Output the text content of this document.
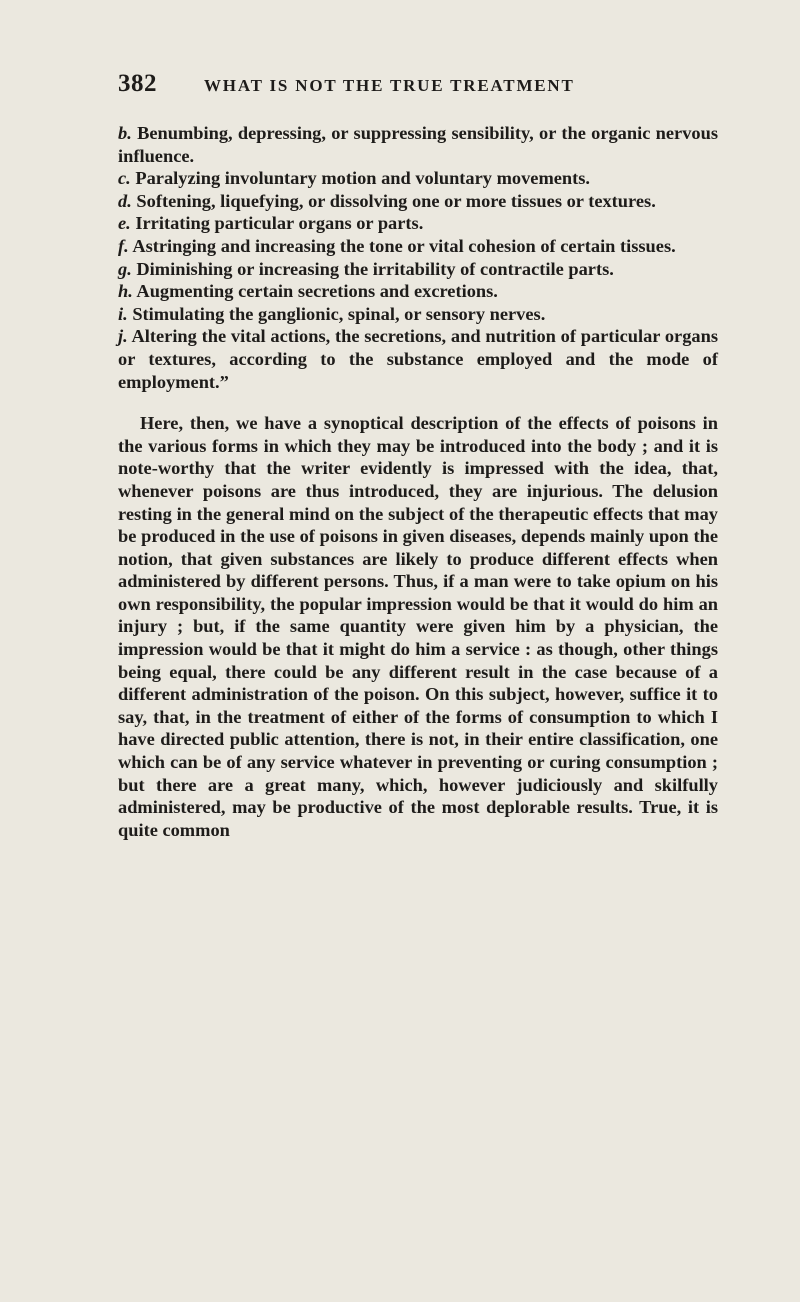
382	WHAT IS NOT THE TRUE TREATMENT

b. Benumbing, depressing, or suppressing sensibility, or the organic nervous influence.

c. Paralyzing involuntary motion and voluntary movements.

d. Softening, liquefying, or dissolving one or more tissues or textures.

e. Irritating particular organs or parts.

f. Astringing and increasing the tone or vital cohesion of certain tissues.

g. Diminishing or increasing the irritability of contractile parts.

h. Augmenting certain secretions and excretions.

i. Stimulating the ganglionic, spinal, or sensory nerves.

j. Altering the vital actions, the secretions, and nutrition of particular organs or textures, according to the substance employed and the mode of employment.”

Here, then, we have a synoptical description of the effects of poisons in the various forms in which they may be introduced into the body ; and it is note-worthy that the writer evidently is impressed with the idea, that, whenever poisons are thus introduced, they are injurious. The delusion resting in the general mind on the subject of the therapeutic effects that may be produced in the use of poisons in given diseases, depends mainly upon the notion, that given substances are likely to produce different effects when administered by different persons. Thus, if a man were to take opium on his own responsibility, the popular impression would be that it would do him an injury ; but, if the same quantity were given him by a physician, the impression would be that it might do him a service : as though, other things being equal, there could be any different result in the case because of a different administration of the poison. On this subject, however, suffice it to say, that, in the treatment of either of the forms of consumption to which I have directed public attention, there is not, in their entire classification, one which can be of any service whatever in preventing or curing consumption ; but there are a great many, which, however judiciously and skilfully administered, may be productive of the most deplorable results. True, it is quite common
